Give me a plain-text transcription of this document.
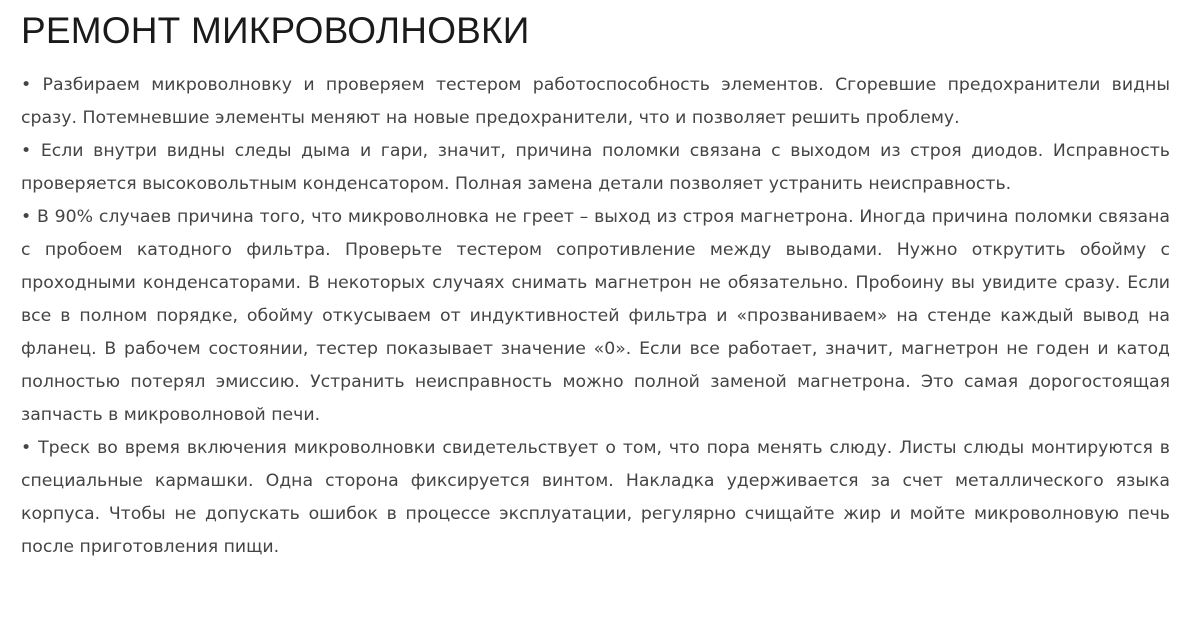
РЕМОНТ МИКРОВОЛНОВКИ

• Разбираем микроволновку и проверяем тестером работоспособность элементов. Сгоревшие предохранители видны сразу. Потемневшие элементы меняют на новые предохранители, что и позволяет решить проблему.

• Если внутри видны следы дыма и гари, значит, причина поломки связана с выходом из строя диодов. Исправность проверяется высоковольтным конденсатором. Полная замена детали позволяет устранить неисправность.

• В 90% случаев причина того, что микроволновка не греет – выход из строя магнетрона. Иногда причина поломки связана с пробоем катодного фильтра. Проверьте тестером сопротивление между выводами. Нужно открутить обойму с проходными конденсаторами. В некоторых случаях снимать магнетрон не обязательно. Пробоину вы увидите сразу. Если все в полном порядке, обойму откусываем от индуктивностей фильтра и «прозваниваем» на стенде каждый вывод на фланец. В рабочем состоянии, тестер показывает значение «0». Если все работает, значит, магнетрон не годен и катод полностью потерял эмиссию. Устранить неисправность можно полной заменой магнетрона. Это самая дорогостоящая запчасть в микроволновой печи.

• Треск во время включения микроволновки свидетельствует о том, что пора менять слюду. Листы слюды монтируются в специальные кармашки. Одна сторона фиксируется винтом. Накладка удерживается за счет металлического языка корпуса. Чтобы не допускать ошибок в процессе эксплуатации, регулярно счищайте жир и мойте микроволновую печь после приготовления пищи.
